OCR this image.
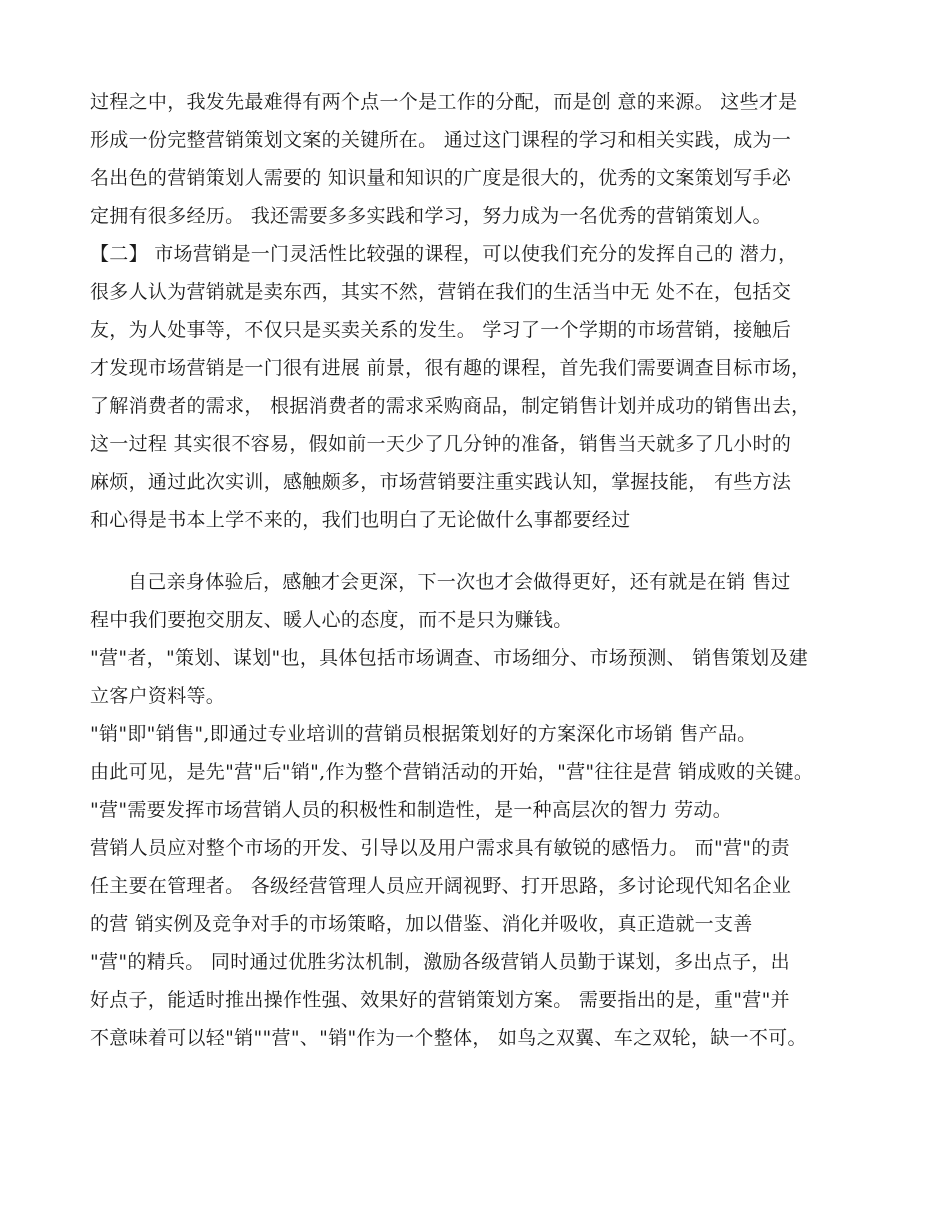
过程之中，我发先最难得有两个点一个是工作的分配，而是创 意的来源。 这些才是
形成一份完整营销策划文案的关键所在。 通过这门课程的学习和相关实践，成为一
名出色的营销策划人需要的 知识量和知识的广度是很大的，优秀的文案策划写手必
定拥有很多经历。 我还需要多多实践和学习，努力成为一名优秀的营销策划人。
【二】 市场营销是一门灵活性比较强的课程，可以使我们充分的发挥自己的 潜力，
很多人认为营销就是卖东西，其实不然，营销在我们的生活当中无 处不在，包括交
友，为人处事等，不仅只是买卖关系的发生。 学习了一个学期的市场营销，接触后
才发现市场营销是一门很有进展 前景，很有趣的课程，首先我们需要调查目标市场，
了解消费者的需求， 根据消费者的需求采购商品，制定销售计划并成功的销售出去，
这一过程 其实很不容易，假如前一天少了几分钟的准备，销售当天就多了几小时的
麻烦，通过此次实训，感触颇多，市场营销要注重实践认知，掌握技能， 有些方法
和心得是书本上学不来的，我们也明白了无论做什么事都要经过
自己亲身体验后，感触才会更深，下一次也才会做得更好，还有就是在销 售过
程中我们要抱交朋友、暖人心的态度，而不是只为赚钱。
"营"者，"策划、谋划"也，具体包括市场调查、市场细分、市场预测、 销售策划及建
立客户资料等。
"销"即"销售",即通过专业培训的营销员根据策划好的方案深化市场销 售产品。
由此可见，是先"营"后"销",作为整个营销活动的开始，"营"往往是营 销成败的关键。
"营"需要发挥市场营销人员的积极性和制造性，是一种高层次的智力 劳动。
营销人员应对整个市场的开发、引导以及用户需求具有敏锐的感悟力。 而"营"的责
任主要在管理者。 各级经营管理人员应开阔视野、打开思路，多讨论现代知名企业
的营 销实例及竞争对手的市场策略，加以借鉴、消化并吸收，真正造就一支善
"营"的精兵。 同时通过优胜劣汰机制，激励各级营销人员勤于谋划，多出点子，出
好点子，能适时推出操作性强、效果好的营销策划方案。 需要指出的是，重"营"并
不意味着可以轻"销""营"、"销"作为一个整体， 如鸟之双翼、车之双轮，缺一不可。
